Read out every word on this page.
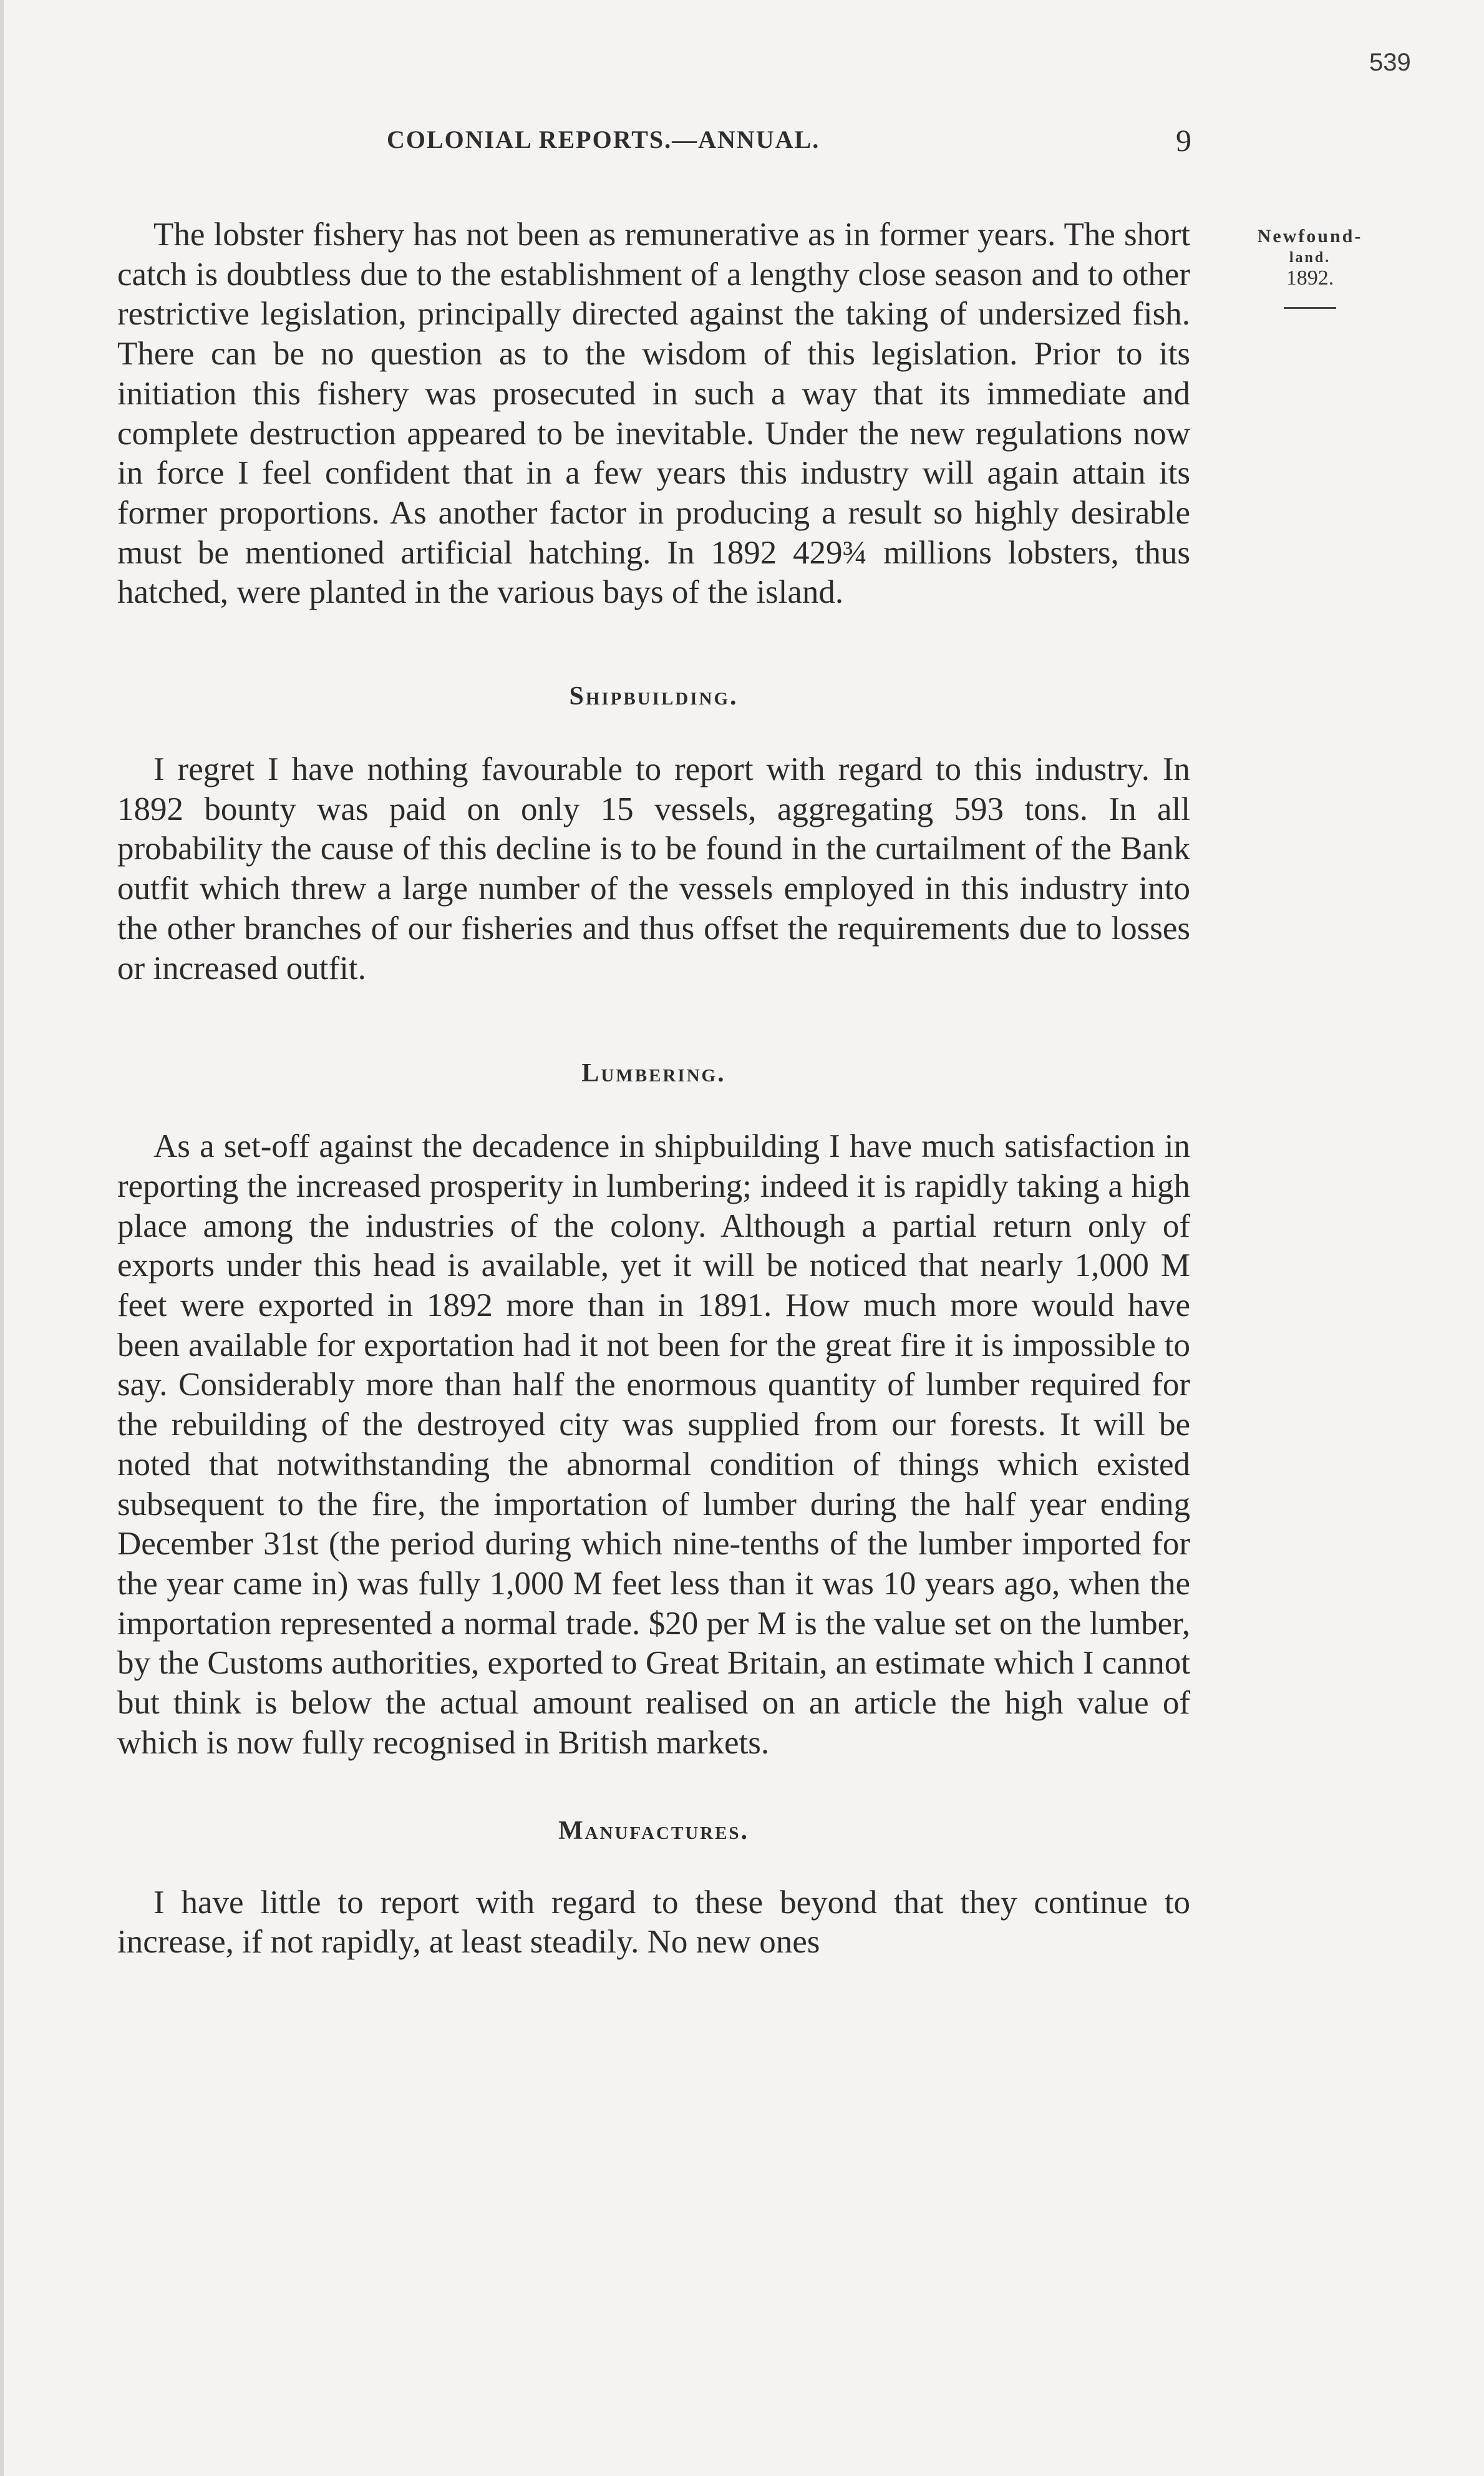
539
COLONIAL REPORTS.—ANNUAL.	9
Newfound-
land.
1892.

The lobster fishery has not been as remunerative as in former years. The short catch is doubtless due to the establishment of a lengthy close season and to other restrictive legislation, principally directed against the taking of undersized fish. There can be no question as to the wisdom of this legislation. Prior to its initiation this fishery was prosecuted in such a way that its immediate and complete destruction appeared to be inevitable. Under the new regulations now in force I feel confident that in a few years this industry will again attain its former proportions. As another factor in producing a result so highly desirable must be mentioned artificial hatching. In 1892 429¾ millions lobsters, thus hatched, were planted in the various bays of the island.

Shipbuilding.

I regret I have nothing favourable to report with regard to this industry. In 1892 bounty was paid on only 15 vessels, aggregating 593 tons. In all probability the cause of this decline is to be found in the curtailment of the Bank outfit which threw a large number of the vessels employed in this industry into the other branches of our fisheries and thus offset the requirements due to losses or increased outfit.

Lumbering.

As a set-off against the decadence in shipbuilding I have much satisfaction in reporting the increased prosperity in lumbering; indeed it is rapidly taking a high place among the industries of the colony. Although a partial return only of exports under this head is available, yet it will be noticed that nearly 1,000 M feet were exported in 1892 more than in 1891. How much more would have been available for exportation had it not been for the great fire it is impossible to say. Considerably more than half the enormous quantity of lumber required for the rebuilding of the destroyed city was supplied from our forests. It will be noted that notwithstanding the abnormal condition of things which existed subsequent to the fire, the importation of lumber during the half year ending December 31st (the period during which nine-tenths of the lumber imported for the year came in) was fully 1,000 M feet less than it was 10 years ago, when the importation represented a normal trade. $20 per M is the value set on the lumber, by the Customs authorities, exported to Great Britain, an estimate which I cannot but think is below the actual amount realised on an article the high value of which is now fully recognised in British markets.

Manufactures.

I have little to report with regard to these beyond that they continue to increase, if not rapidly, at least steadily. No new ones
